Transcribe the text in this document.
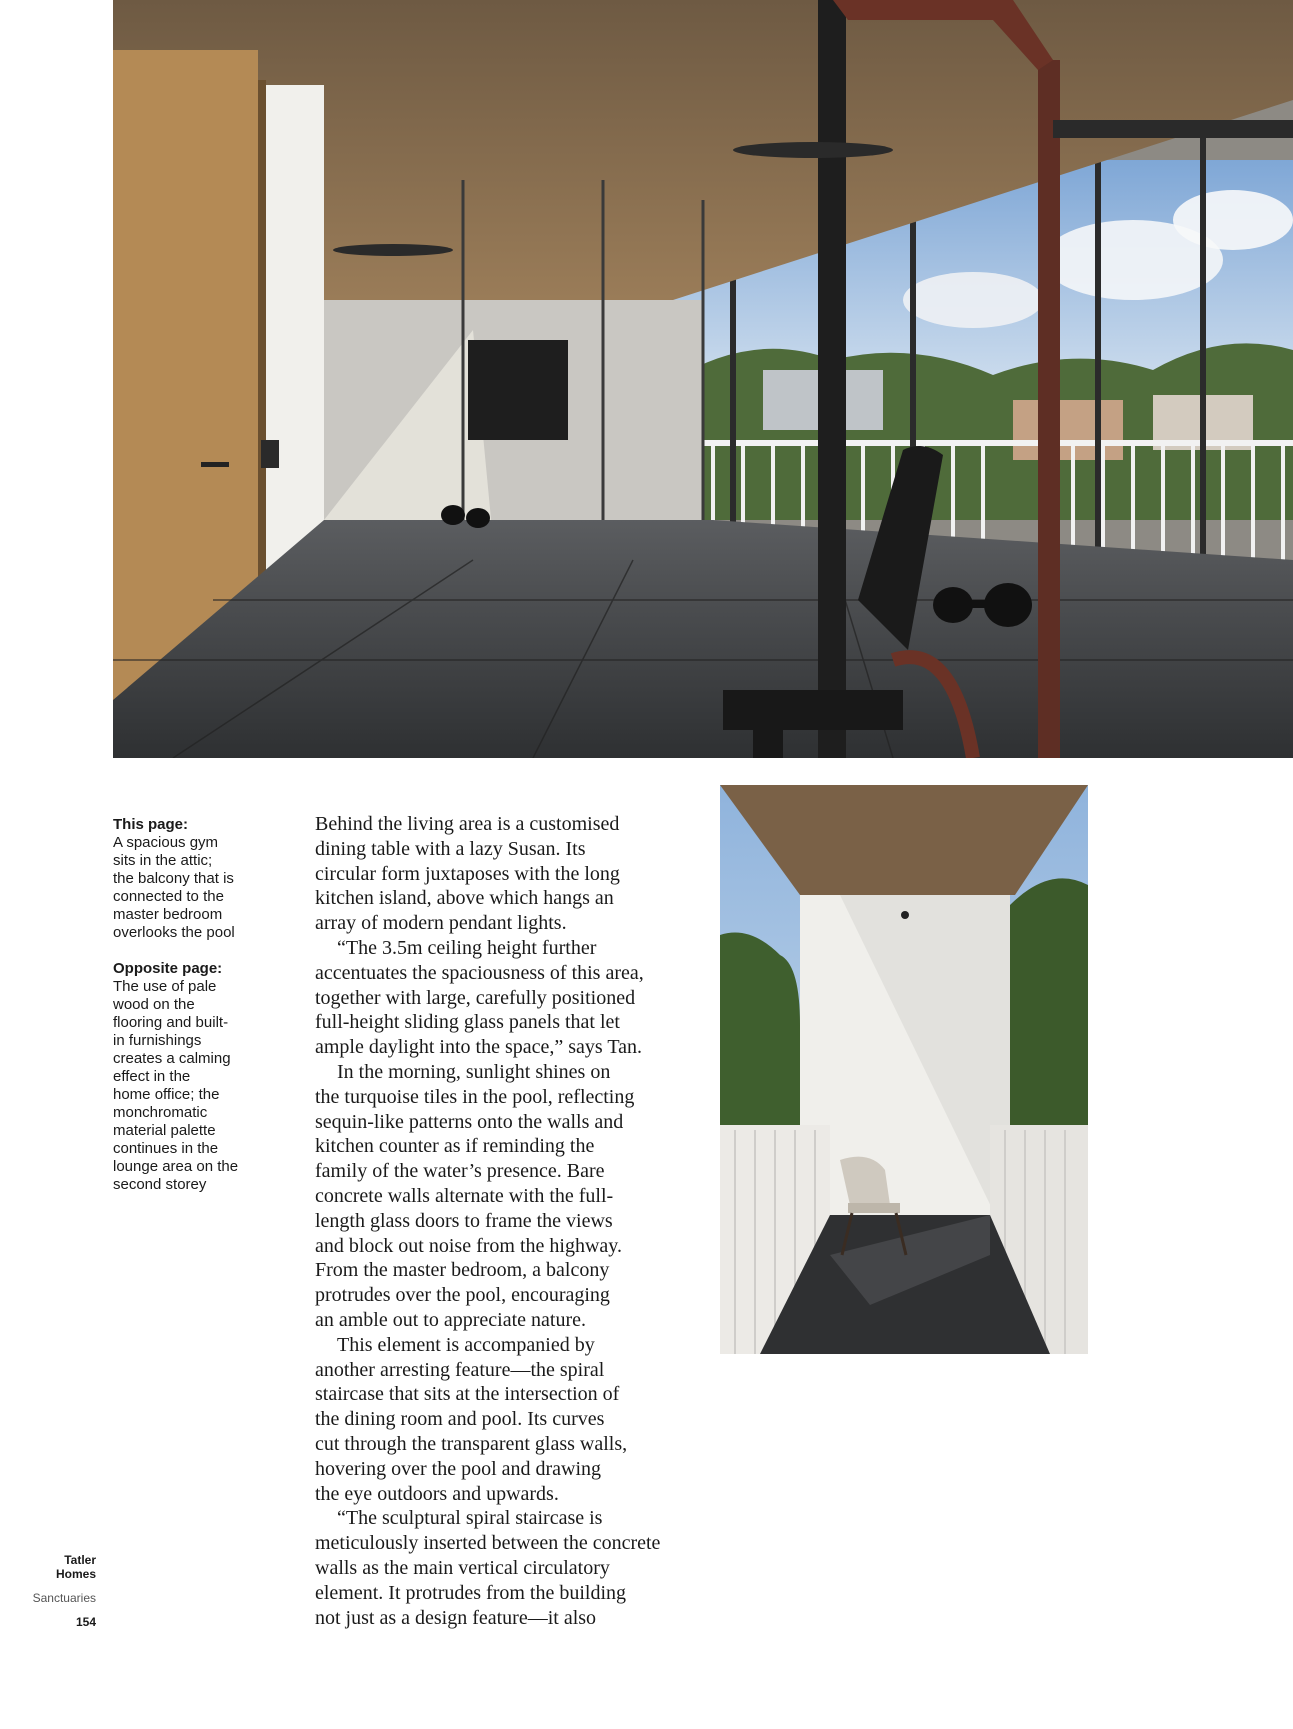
This page:
A spacious gym
sits in the attic;
the balcony that is
connected to the
master bedroom
overlooks the pool
Opposite page:
The use of pale
wood on the
flooring and built-
in furnishings
creates a calming
effect in the
home office; the
monchromatic
material palette
continues in the
lounge area on the
second storey
Behind the living area is a customised
dining table with a lazy Susan. Its
circular form juxtaposes with the long
kitchen island, above which hangs an
array of modern pendant lights.
“The 3.5m ceiling height further
accentuates the spaciousness of this area,
together with large, carefully positioned
full-height sliding glass panels that let
ample daylight into the space,” says Tan.
In the morning, sunlight shines on
the turquoise tiles in the pool, reflecting
sequin-like patterns onto the walls and
kitchen counter as if reminding the
family of the water’s presence. Bare
concrete walls alternate with the full-
length glass doors to frame the views
and block out noise from the highway.
From the master bedroom, a balcony
protrudes over the pool, encouraging
an amble out to appreciate nature.
This element is accompanied by
another arresting feature—the spiral
staircase that sits at the intersection of
the dining room and pool. Its curves
cut through the transparent glass walls,
hovering over the pool and drawing
the eye outdoors and upwards.
“The sculptural spiral staircase is
meticulously inserted between the concrete
walls as the main vertical circulatory
element. It protrudes from the building
not just as a design feature—it also
Tatler
Homes
Sanctuaries
154
